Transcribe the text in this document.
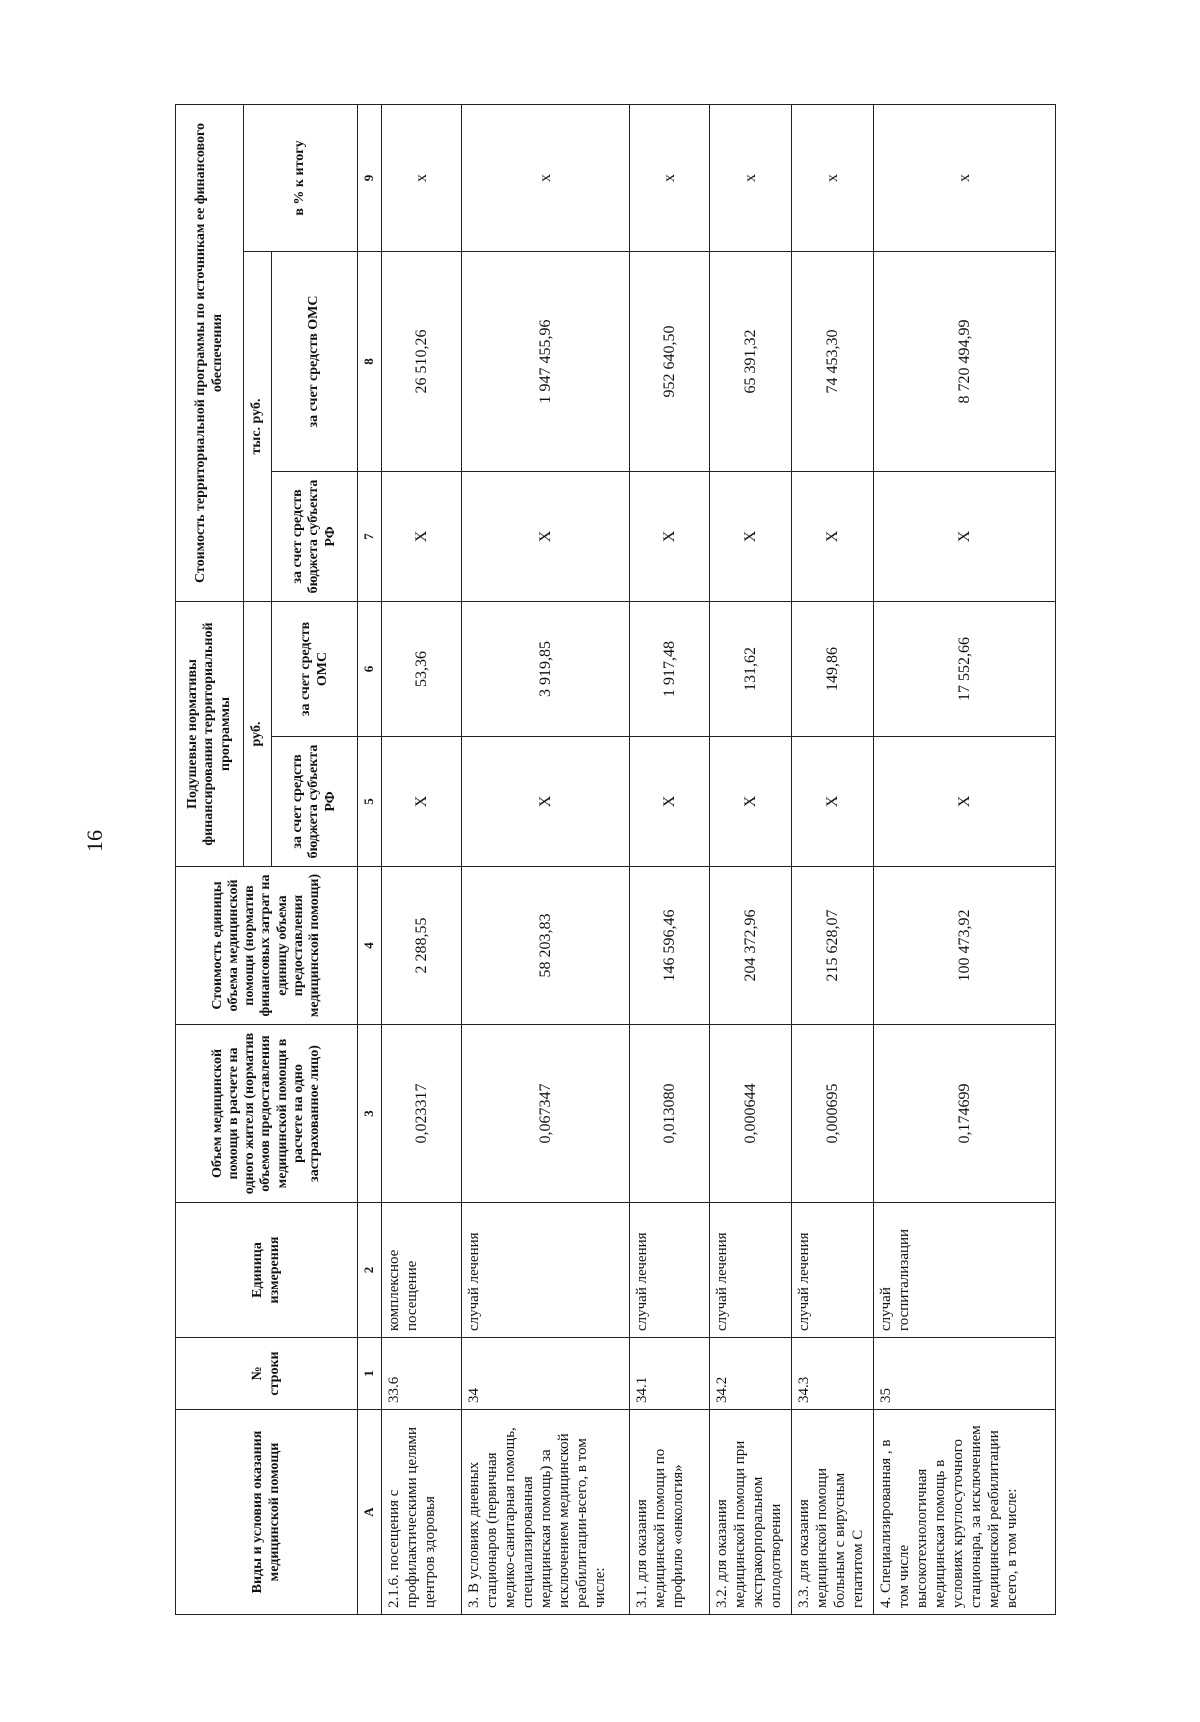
16
Виды и условия оказания медицинской помощи	№ строки	Единица измерения	Объем медицинской помощи в расчете на одного жителя (норматив объемов предоставления медицинской помощи в расчете на одно застрахованное лицо)	Стоимость единицы объема медицинской помощи (норматив финансовых затрат на единицу объема предоставления медицинской помощи)	Подушевые нормативы финансирования территориальной программы		Стоимость территориальной программы по источникам ее финансового обеспечения		
					руб.		тыс. руб.		в % к итогу
					за счет средств бюджета субъекта РФ	за счет средств ОМС	за счет средств бюджета субъекта РФ	за счет средств ОМС	
А	1	2	3	4	5	6	7	8	9
2.1.6. посещения с профилактическими целями центров здоровья	33.6	комплексное посещение	0,023317	2 288,55	Х	53,36	Х	26 510,26	х
3. В условиях дневных стационаров (первичная медико-санитарная помощь, специализированная медицинская помощь) за исключением медицинской реабилитации-всего, в том числе:	34	случай лечения	0,067347	58 203,83	Х	3 919,85	Х	1 947 455,96	х
3.1. для оказания медицинской помощи по профилю «онкология»	34.1	случай лечения	0,013080	146 596,46	Х	1 917,48	Х	952 640,50	х
3.2. для оказания медицинской помощи при экстракорпоральном оплодотворении	34.2	случай лечения	0,000644	204 372,96	Х	131,62	Х	65 391,32	х
3.3. для оказания медицинской помощи больным с вирусным гепатитом С	34.3	случай лечения	0,000695	215 628,07	Х	149,86	Х	74 453,30	х
4. Специализированная , в том числе высокотехнологичная медицинская помощь в условиях круглосуточного стационара, за исключением медицинской реабилитации всего, в том числе:	35	случай госпитализации	0,174699	100 473,92	Х	17 552,66	Х	8 720 494,99	х
